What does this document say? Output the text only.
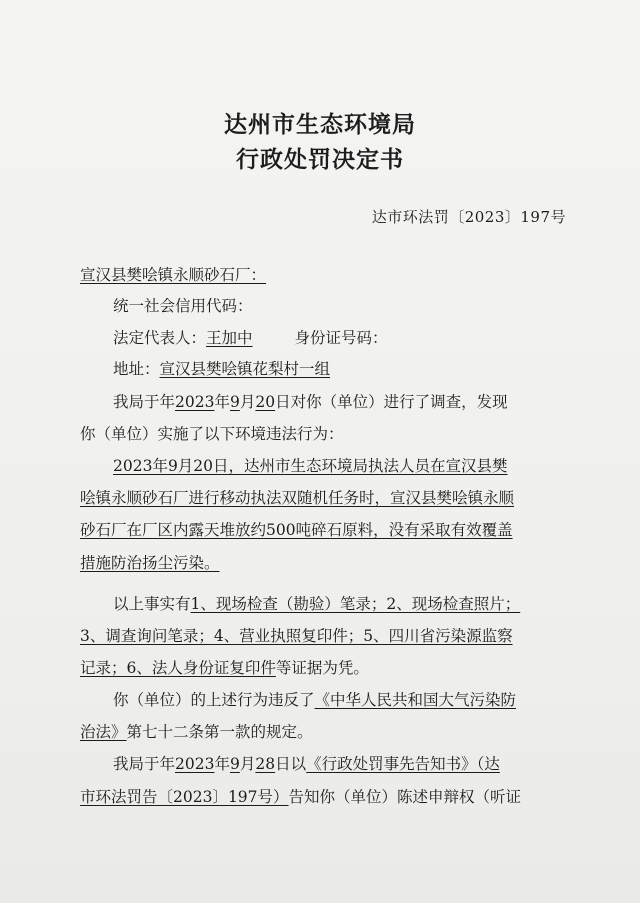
达州市生态环境局
行政处罚决定书
达市环法罚〔2023〕197号
宣汉县樊哙镇永顺砂石厂：
统一社会信用代码：
法定代表人：王加中	身份证号码：
地址：宣汉县樊哙镇花梨村一组
我局于年2023年9月20日对你（单位）进行了调查，发现
你（单位）实施了以下环境违法行为：
2023年9月20日，达州市生态环境局执法人员在宣汉县樊
哙镇永顺砂石厂进行移动执法双随机任务时，宣汉县樊哙镇永顺
砂石厂在厂区内露天堆放约500吨碎石原料，没有采取有效覆盖
措施防治扬尘污染。
以上事实有1、现场检查（勘验）笔录；2、现场检查照片；
3、调查询问笔录；4、营业执照复印件；5、四川省污染源监察
记录；6、法人身份证复印件等证据为凭。
你（单位）的上述行为违反了《中华人民共和国大气污染防
治法》第七十二条第一款的规定。
我局于年2023年9月28日以《行政处罚事先告知书》（达
市环法罚告〔2023〕197号）告知你（单位）陈述申辩权（听证
